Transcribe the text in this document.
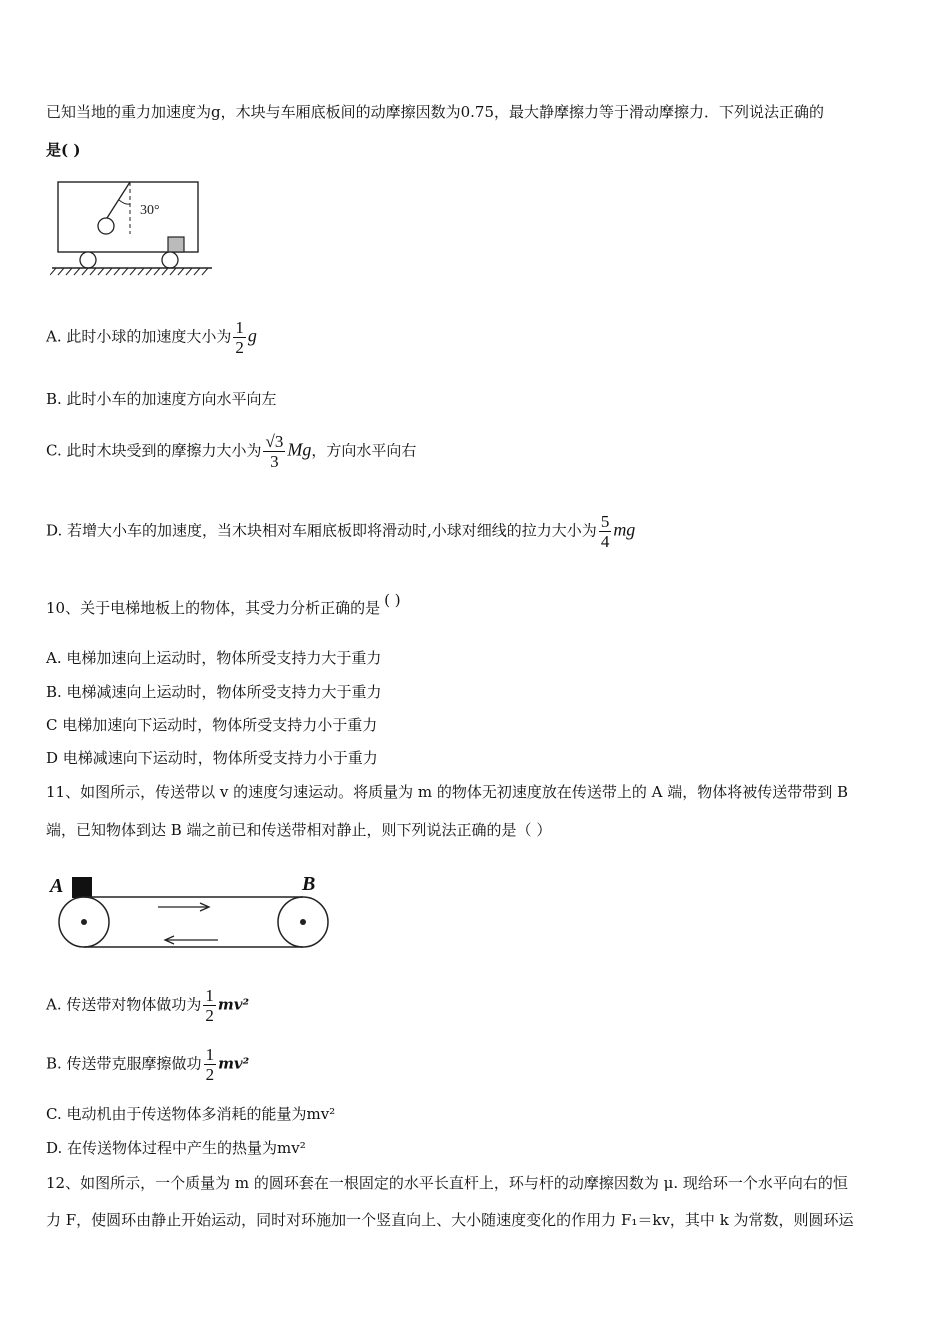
已知当地的重力加速度为g，木块与车厢底板间的动摩擦因数为0.75，最大静摩擦力等于滑动摩擦力．下列说法正确的
是( )
30°
A. 此时小球的加速度大小为 $\frac{1}{2}$ g
B. 此时小车的加速度方向水平向左
C. 此时木块受到的摩擦力大小为 $\frac{√3}{3}$ Mg，方向水平向右
D. 若增大小车的加速度，当木块相对车厢底板即将滑动时,小球对细线的拉力大小为 $\frac{5}{4}$ mg
10、关于电梯地板上的物体，其受力分析正确的是 ( )
A. 电梯加速向上运动时，物体所受支持力大于重力
B. 电梯减速向上运动时，物体所受支持力大于重力
C 电梯加速向下运动时，物体所受支持力小于重力
D 电梯减速向下运动时，物体所受支持力小于重力
11、如图所示，传送带以 v 的速度匀速运动。将质量为 m 的物体无初速度放在传送带上的 A 端，物体将被传送带带到 B
端，已知物体到达 B 端之前已和传送带相对静止，则下列说法正确的是（ ）
A	B
A. 传送带对物体做功为 $\frac{1}{2} mv^2$
B. 传送带克服摩擦做功 $\frac{1}{2} mv^2$
C. 电动机由于传送物体多消耗的能量为mv²
D. 在传送物体过程中产生的热量为mv²
12、如图所示，一个质量为 m 的圆环套在一根固定的水平长直杆上，环与杆的动摩擦因数为 μ. 现给环一个水平向右的恒
力 F，使圆环由静止开始运动，同时对环施加一个竖直向上、大小随速度变化的作用力 F₁＝kv，其中 k 为常数，则圆环运
